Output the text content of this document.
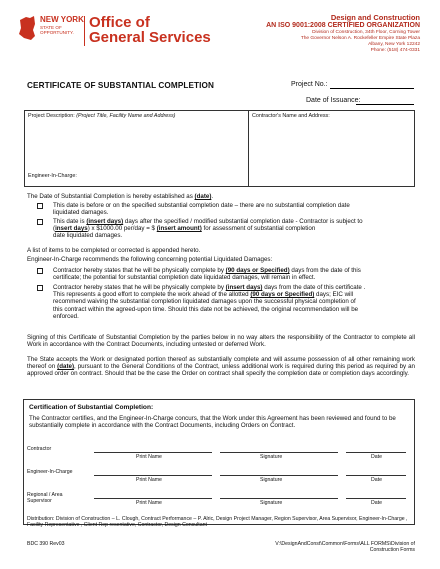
NEW YORK
STATE OF
OPPORTUNITY.
Office of
General Services
Design and Construction
AN ISO 9001:2008 CERTIFIED ORGANIZATION
Division of Construction, 34th Floor, Corning Tower
The Governor Nelson A. Rockefeller Empire State Plaza
Albany, New York 12242
Phone: (518) 474-0331
CERTIFICATE OF SUBSTANTIAL COMPLETION	Project No.:
Date of Issuance:
Project Description: (Project Title, Facility Name and Address)	Contractor's Name and Address:
Engineer-In-Charge:
The Date of Substantial Completion is hereby established as (date).
This date is before or on the specified substantial completion date – there are no substantial completion date
liquidated damages.
This date is (insert days) days after the specified / modified substantial completion date - Contractor is subject to
(insert days) x $1000.00 per/day = $ (insert amount) for assessment of substantial completion
date liquidated damages.
A list of items to be completed or corrected is appended hereto.
Engineer-In-Charge recommends the following concerning potential Liquidated Damages:
Contractor hereby states that he will be physically complete by (90 days or Specified) days from the date of this
certificate; the potential for substantial completion date liquidated damages, will remain in effect.
Contractor hereby states that he will be physically complete by (insert days) days from the date of this certificate .
This represents a good effort to complete the work ahead of the allotted (90 days or Specified) days; EIC will
recommend waiving the substantial completion liquidated damages upon the successful physical completion of
this contract within the agreed-upon time. Should this date not be achieved, the original recommendation will be
enforced.
Signing of this Certificate of Substantial Completion by the parties below in no way alters the responsibility of the Contractor to complete all Work in accordance with the Contract Documents, including untested or deferred Work.
The State accepts the Work or designated portion thereof as substantially complete and will assume possession of all other remaining work thereof on (date), pursuant to the General Conditions of the Contract, unless additional work is required during this period as required by an approved order on contract. Should that be the case the Order on contract shall specify the completion date or completion days accordingly.
Certification of Substantial Completion:
The Contractor certifies, and the Engineer-In-Charge concurs, that the Work under this Agreement has been reviewed and found to be substantially complete in accordance with the Contract Documents, including Orders on Contract.
Contractor
Print Name	Signature	Date
Engineer-In-Charge
Print Name	Signature	Date
Regional / Area Supervisor	Print Name	Signature	Date
Distribution: Division of Construction – L. Clough, Contract Performance – P. Alric, Design Project Manager, Region Supervisor, Area Supervisor, Engineer-In-Charge , Facility Representative , Client Rep resentative, Contractor, Design Consultant
BDC 390 Rev03	V:\DesignAndConst\Common\Forms\ALL FORMS\Division of Construction Forms
